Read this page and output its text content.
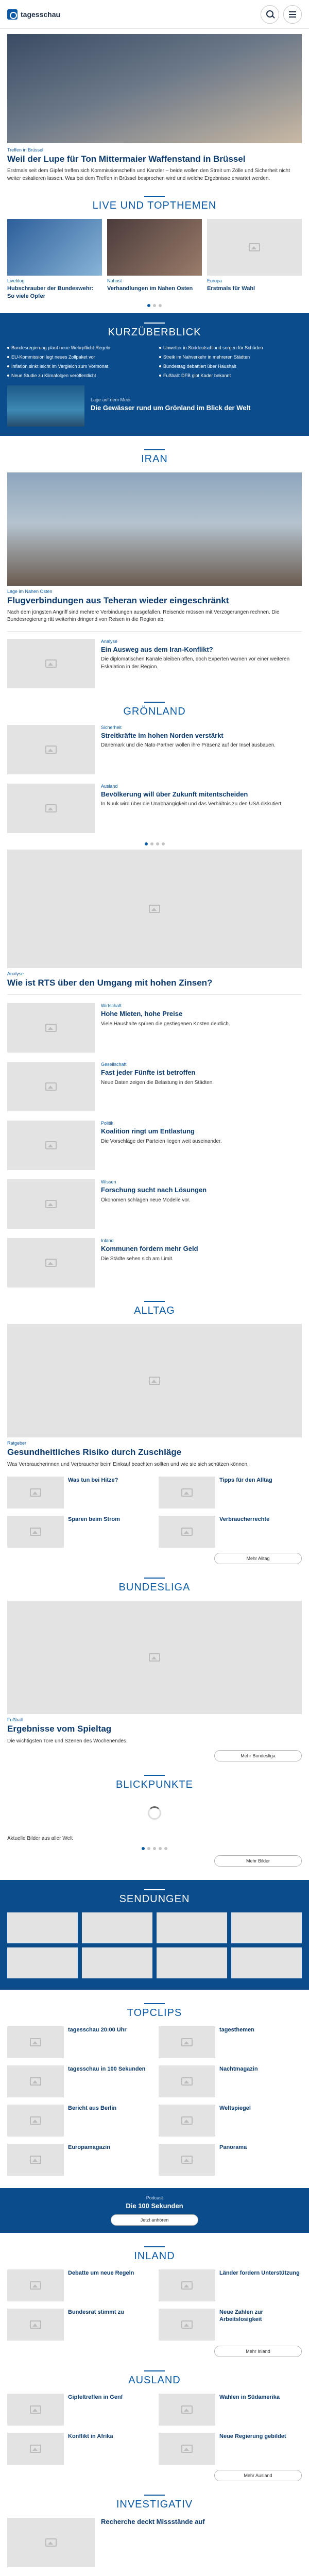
tagesschau
Treffen in Brüssel
Weil der Lupe für Ton Mittermaier Waffenstand in Brüssel
Erstmals seit dem Gipfel treffen sich Kommissionschefin und Kanzler – beide wollen den Streit um Zölle und Sicherheit nicht weiter eskalieren lassen. Was bei dem Treffen in Brüssel besprochen wird und welche Ergebnisse erwartet werden.
LIVE UND TOPTHEMEN
Liveblog
Hubschrauber der Bundeswehr: So viele Opfer
Nahost
Verhandlungen im Nahen Osten
Europa
Erstmals für Wahl
KURZÜBERBLICK
Bundesregierung plant neue Wehrpflicht-Regeln	Unwetter in Süddeutschland sorgen für Schäden
EU-Kommission legt neues Zollpaket vor	Streik im Nahverkehr in mehreren Städten
Inflation sinkt leicht im Vergleich zum Vormonat	Bundestag debattiert über Haushalt
Neue Studie zu Klimafolgen veröffentlicht	Fußball: DFB gibt Kader bekannt
Lage auf dem Meer
Die Gewässer rund um Grönland im Blick der Welt
IRAN
Lage im Nahen Osten
Flugverbindungen aus Teheran wieder eingeschränkt
Nach dem jüngsten Angriff sind mehrere Verbindungen ausgefallen. Reisende müssen mit Verzögerungen rechnen. Die Bundesregierung rät weiterhin dringend von Reisen in die Region ab.
Analyse
Ein Ausweg aus dem Iran-Konflikt?
Die diplomatischen Kanäle bleiben offen, doch Experten warnen vor einer weiteren Eskalation in der Region.
GRÖNLAND
Sicherheit
Streitkräfte im hohen Norden verstärkt
Dänemark und die Nato-Partner wollen ihre Präsenz auf der Insel ausbauen.
Ausland
Bevölkerung will über Zukunft mitentscheiden
In Nuuk wird über die Unabhängigkeit und das Verhältnis zu den USA diskutiert.
Analyse
Wie ist RTS über den Umgang mit hohen Zinsen?
Wirtschaft
Hohe Mieten, hohe Preise
Viele Haushalte spüren die gestiegenen Kosten deutlich.
Gesellschaft
Fast jeder Fünfte ist betroffen
Neue Daten zeigen die Belastung in den Städten.
Politik
Koalition ringt um Entlastung
Die Vorschläge der Parteien liegen weit auseinander.
Wissen
Forschung sucht nach Lösungen
Ökonomen schlagen neue Modelle vor.
Inland
Kommunen fordern mehr Geld
Die Städte sehen sich am Limit.
ALLTAG
Ratgeber
Gesundheitliches Risiko durch Zuschläge
Was Verbraucherinnen und Verbraucher beim Einkauf beachten sollten und wie sie sich schützen können.
Was tun bei Hitze?	Tipps für den Alltag
Sparen beim Strom	Verbraucherrechte
Mehr Alltag
BUNDESLIGA
Fußball
Ergebnisse vom Spieltag
Die wichtigsten Tore und Szenen des Wochenendes.
Mehr Bundesliga
BLICKPUNKTE
Aktuelle Bilder aus aller Welt
Mehr Bilder
SENDUNGEN
TOPCLIPS
tagesschau 20:00 Uhr	tagesthemen
tagesschau in 100 Sekunden	Nachtmagazin
Bericht aus Berlin	Weltspiegel
Europamagazin	Panorama
Podcast
Die 100 Sekunden
Jetzt anhören
INLAND
Debatte um neue Regeln	Länder fordern Unterstützung
Bundesrat stimmt zu	Neue Zahlen zur Arbeitslosigkeit
Mehr Inland
AUSLAND
Gipfeltreffen in Genf	Wahlen in Südamerika
Konflikt in Afrika	Neue Regierung gebildet
Mehr Ausland
INVESTIGATIV
Recherche deckt Missstände auf
